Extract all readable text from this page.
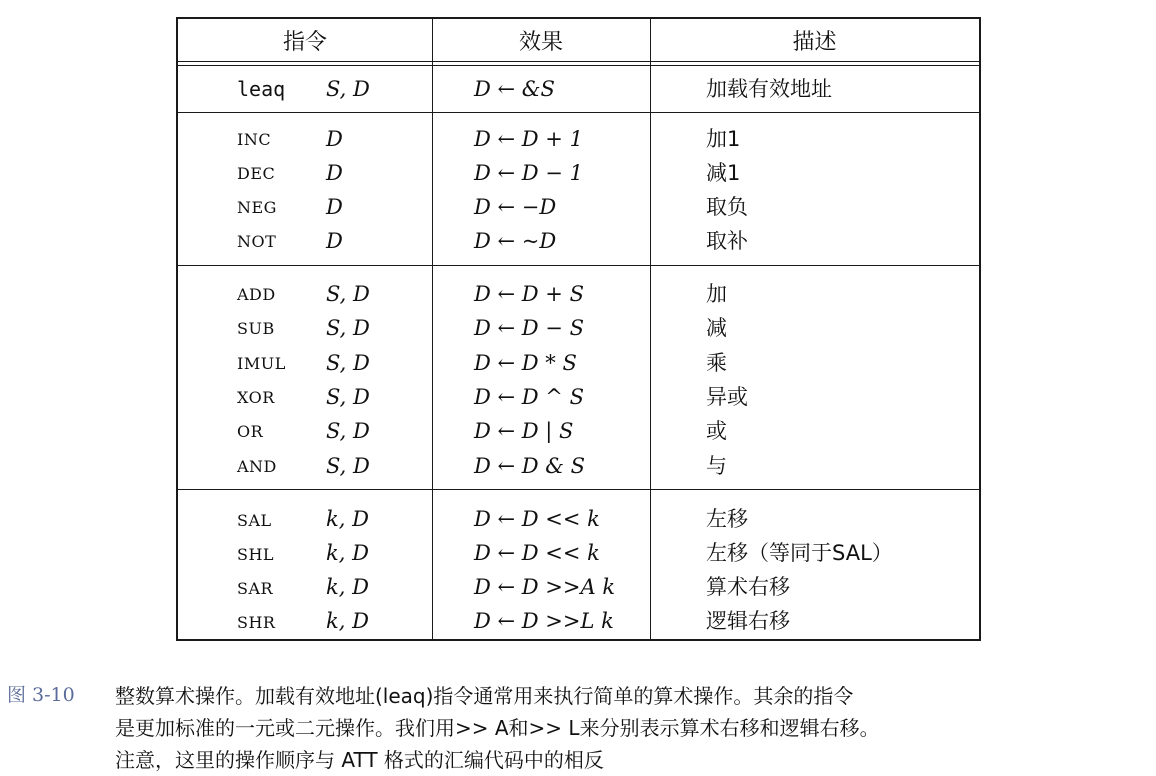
指令	效果	描述
leaq S, D	D ← &S	加载有效地址
INC	D	D ← D + 1	加1
DEC D	D ← D − 1	减1
NEG D	D ← −D	取负
NOT D	D ← ~D	取补
ADD S, D	D ← D + S	加
SUB S, D	D ← D − S	减
IMUL S, D	D ← D * S	乘
XOR S, D	D ← D ^ S	异或
OR	S, D	D ← D | S	或
AND S, D	D ← D & S	与
SAL	k, D	D ← D << k	左移
SHL k, D	D ← D << k	左移（等同于SAL）
SAR	k, D	D ← D >>A k	算术右移
SHR k, D	D ← D >>L k	逻辑右移
图 3-10 整数算术操作。加载有效地址(leaq)指令通常用来执行简单的算术操作。其余的指令
是更加标准的一元或二元操作。我们用>> A和>> L来分别表示算术右移和逻辑右移。
注意，这里的操作顺序与 ATT 格式的汇编代码中的相反
